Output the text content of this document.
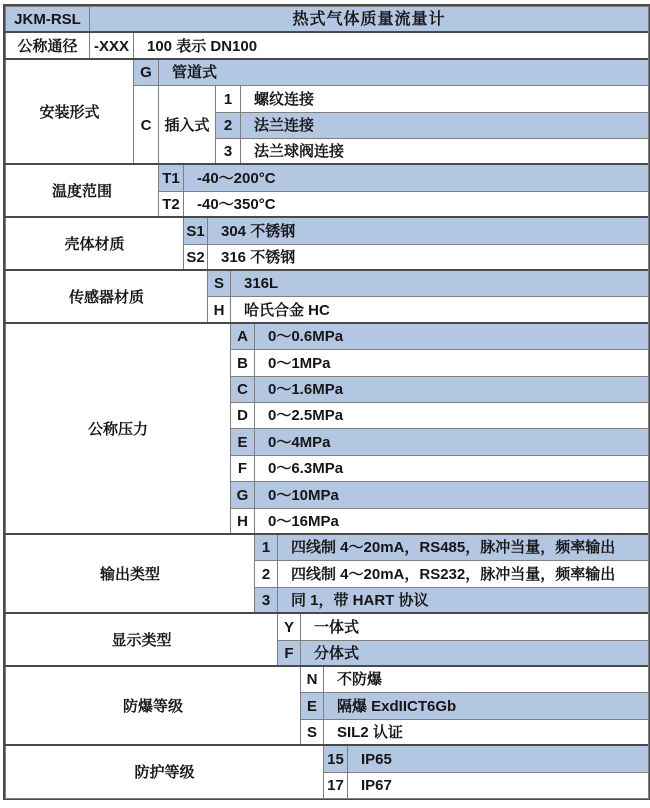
JKM-RSL	热式气体质量流量计
公称通径	-XXX	100 表示 DN100
安装形式
G	管道式
C 插入式
1	螺纹连接
2	法兰连接
3	法兰球阀连接
温度范围
T1	-40～200°C
T2	-40～350°C
壳体材质
S1	304 不锈钢
S2	316 不锈钢
传感器材质
S	316L
H	哈氏合金 HC
公称压力
A	0～0.6MPa
B	0～1MPa
C	0～1.6MPa
D	0～2.5MPa
E	0～4MPa
F	0～6.3MPa
G	0～10MPa
H	0～16MPa
输出类型
1	四线制 4～20mA，RS485，脉冲当量，频率输出
2	四线制 4～20mA，RS232，脉冲当量，频率输出
3	同 1，带 HART 协议
显示类型
Y	一体式
F	分体式
防爆等级
N	不防爆
E	隔爆 ExdIICT6Gb
S	SIL2 认证
防护等级
15	IP65
17	IP67
